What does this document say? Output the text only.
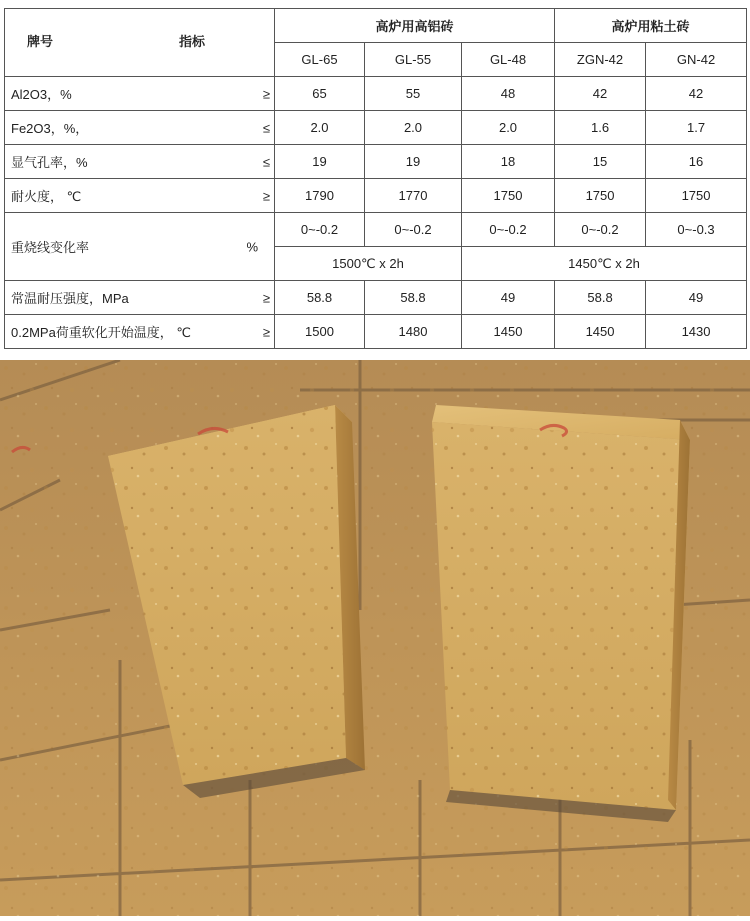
牌号 指标	高炉用高铝砖			高炉用粘土砖	
	GL-65	GL-55	GL-48	ZGN-42	GN-42
Al2O3，% ≥	65	55	48	42	42
Fe2O3，%， ≤	2.0	2.0	2.0	1.6	1.7
显气孔率，% ≤	19	19	18	15	16
耐火度， ℃ ≥	1790	1770	1750	1750	1750
重烧线变化率 %	0~-0.2	0~-0.2	0~-0.2	0~-0.2	0~-0.3
	1500℃ x 2h		1450℃ x 2h		
常温耐压强度，MPa ≥	58.8	58.8	49	58.8	49
0.2MPa荷重软化开始温度， ℃ ≥	1500	1480	1450	1450	1430
